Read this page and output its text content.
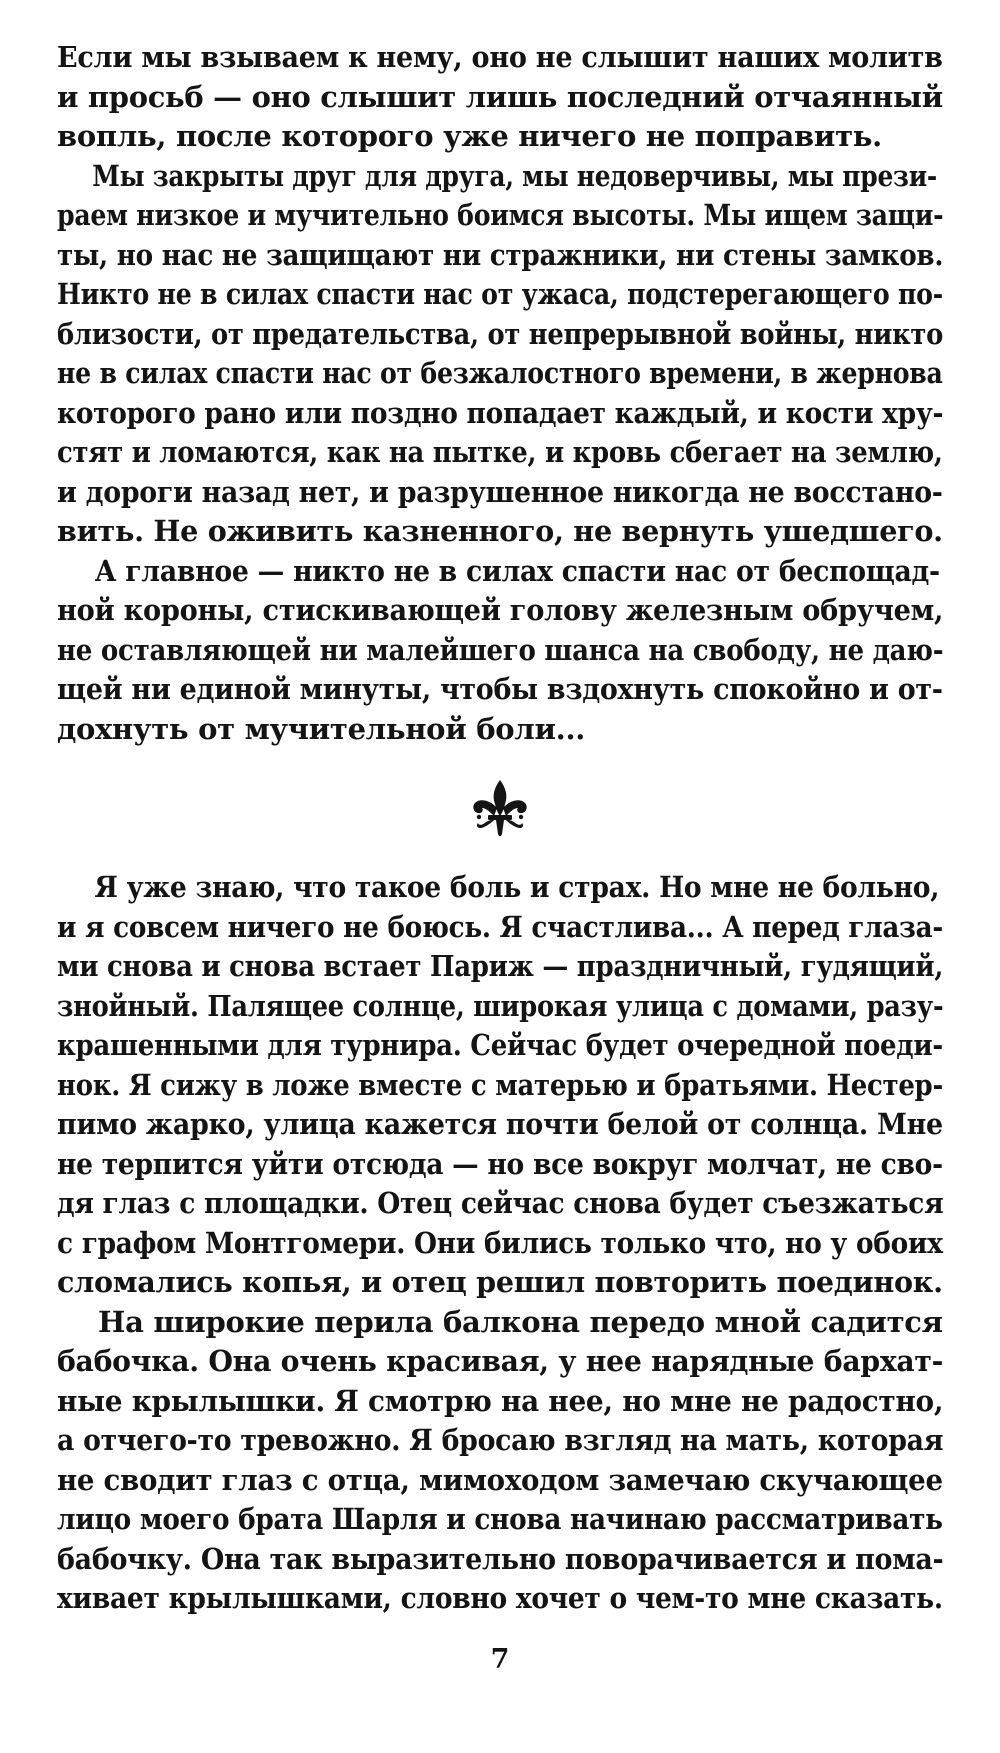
Если мы взываем к нему, оно не слышит наших молитв
и просьб — оно слышит лишь последний отчаянный
вопль, после которого уже ничего не поправить.

Мы закрыты друг для друга, мы недоверчивы, мы прези-
раем низкое и мучительно боимся высоты. Мы ищем защи-
ты, но нас не защищают ни стражники, ни стены замков.
Никто не в силах спасти нас от ужаса, подстерегающего по-
близости, от предательства, от непрерывной войны, никто
не в силах спасти нас от безжалостного времени, в жернова
которого рано или поздно попадает каждый, и кости хру-
стят и ломаются, как на пытке, и кровь сбегает на землю,
и дороги назад нет, и разрушенное никогда не восстано-
вить. Не оживить казненного, не вернуть ушедшего.

А главное — никто не в силах спасти нас от беспощад-
ной короны, стискивающей голову железным обручем,
не оставляющей ни малейшего шанса на свободу, не даю-
щей ни единой минуты, чтобы вздохнуть спокойно и от-
дохнуть от мучительной боли...

Я уже знаю, что такое боль и страх. Но мне не больно,
и я совсем ничего не боюсь. Я счастлива... А перед глаза-
ми снова и снова встает Париж — праздничный, гудящий,
знойный. Палящее солнце, широкая улица с домами, разу-
крашенными для турнира. Сейчас будет очередной поеди-
нок. Я сижу в ложе вместе с матерью и братьями. Нестер-
пимо жарко, улица кажется почти белой от солнца. Мне
не терпится уйти отсюда — но все вокруг молчат, не сво-
дя глаз с площадки. Отец сейчас снова будет съезжаться
с графом Монтгомери. Они бились только что, но у обоих
сломались копья, и отец решил повторить поединок.

На широкие перила балкона передо мной садится
бабочка. Она очень красивая, у нее нарядные бархат-
ные крылышки. Я смотрю на нее, но мне не радостно,
а отчего-то тревожно. Я бросаю взгляд на мать, которая
не сводит глаз с отца, мимоходом замечаю скучающее
лицо моего брата Шарля и снова начинаю рассматривать
бабочку. Она так выразительно поворачивается и пома-
хивает крылышками, словно хочет о чем-то мне сказать.

7
